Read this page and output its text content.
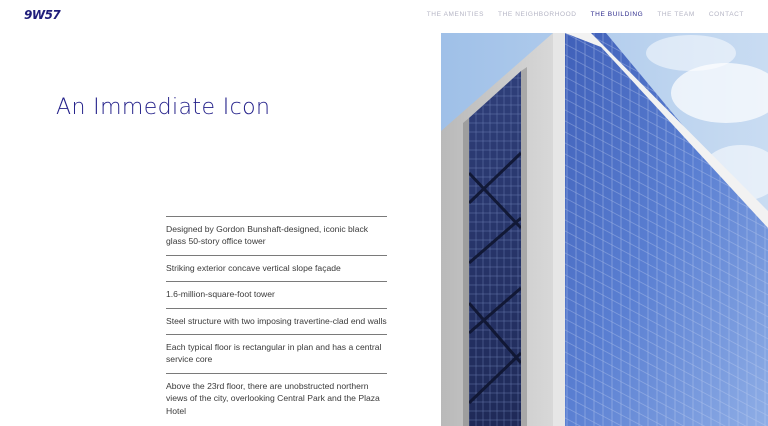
9W57	THE AMENITIES THE NEIGHBORHOOD THE BUILDING THE TEAM CONTACT
An Immediate Icon
Designed by Gordon Bunshaft-designed, iconic black glass 50-story office tower
Striking exterior concave vertical slope façade
1.6-million-square-foot tower
Steel structure with two imposing travertine-clad end walls
Each typical floor is rectangular in plan and has a central service core
Above the 23rd floor, there are unobstructed northern views of the city, overlooking Central Park and the Plaza Hotel
